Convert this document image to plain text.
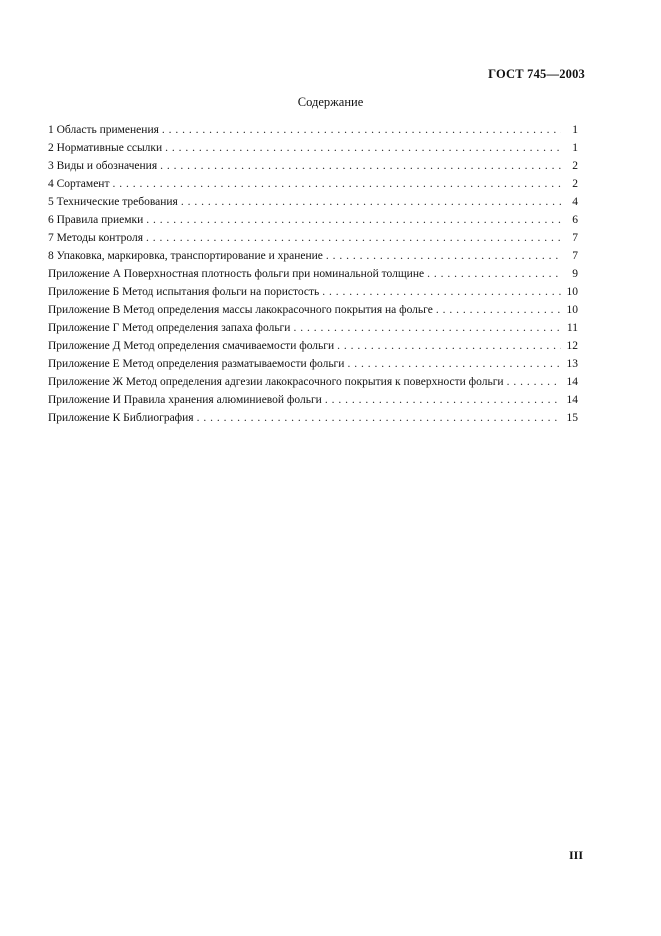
ГОСТ 745—2003
Содержание
1 Область применения . . .	1
2 Нормативные ссылки . . .	1
3 Виды и обозначения . . .	2
4 Сортамент . . .	2
5 Технические требования . . .	4
6 Правила приемки . . .	6
7 Методы контроля . . .	7
8 Упаковка, маркировка, транспортирование и хранение . . .	7
Приложение А Поверхностная плотность фольги при номинальной толщине . . .	9
Приложение Б Метод испытания фольги на пористость . . .	10
Приложение В Метод определения массы лакокрасочного покрытия на фольге . . .	10
Приложение Г Метод определения запаха фольги . . .	11
Приложение Д Метод определения смачиваемости фольги . . .	12
Приложение Е Метод определения разматываемости фольги . . .	13
Приложение Ж Метод определения адгезии лакокрасочного покрытия к поверхности фольги . . .	14
Приложение И Правила хранения алюминиевой фольги . . .	14
Приложение К Библиография . . .	15
III
